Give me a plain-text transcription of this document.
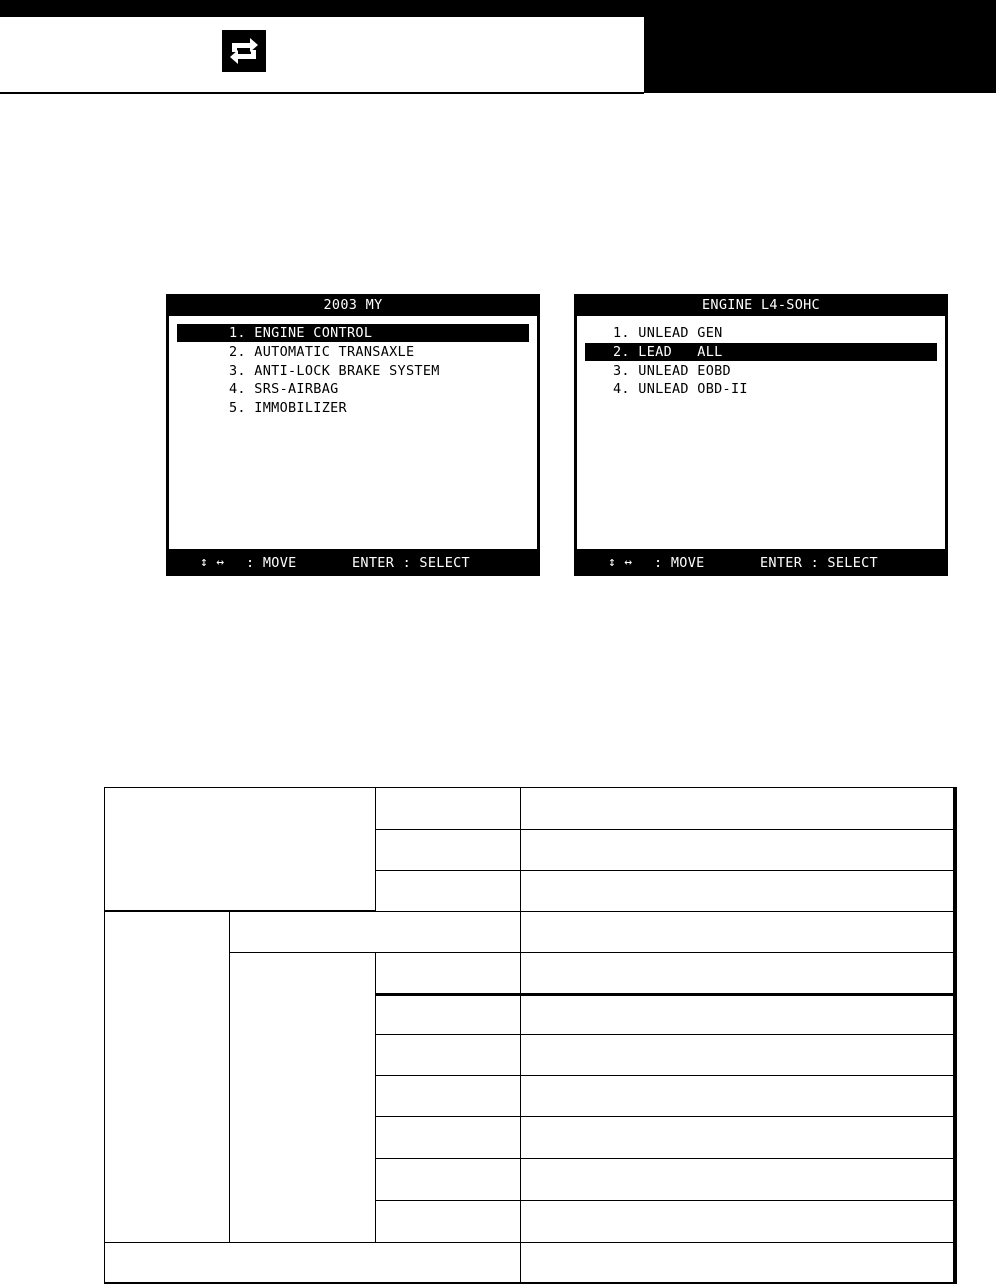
2003 MY
1. ENGINE CONTROL
2. AUTOMATIC TRANSAXLE
3. ANTI-LOCK BRAKE SYSTEM
4. SRS-AIRBAG
5. IMMOBILIZER

↕ ↔

: MOVE

	ENTER : SELECT

ENGINE L4-SOHC
1. UNLEAD GEN
2. LEAD   ALL
3. UNLEAD EOBD
4. UNLEAD OBD-II

↕ ↔

: MOVE

	ENTER : SELECT
